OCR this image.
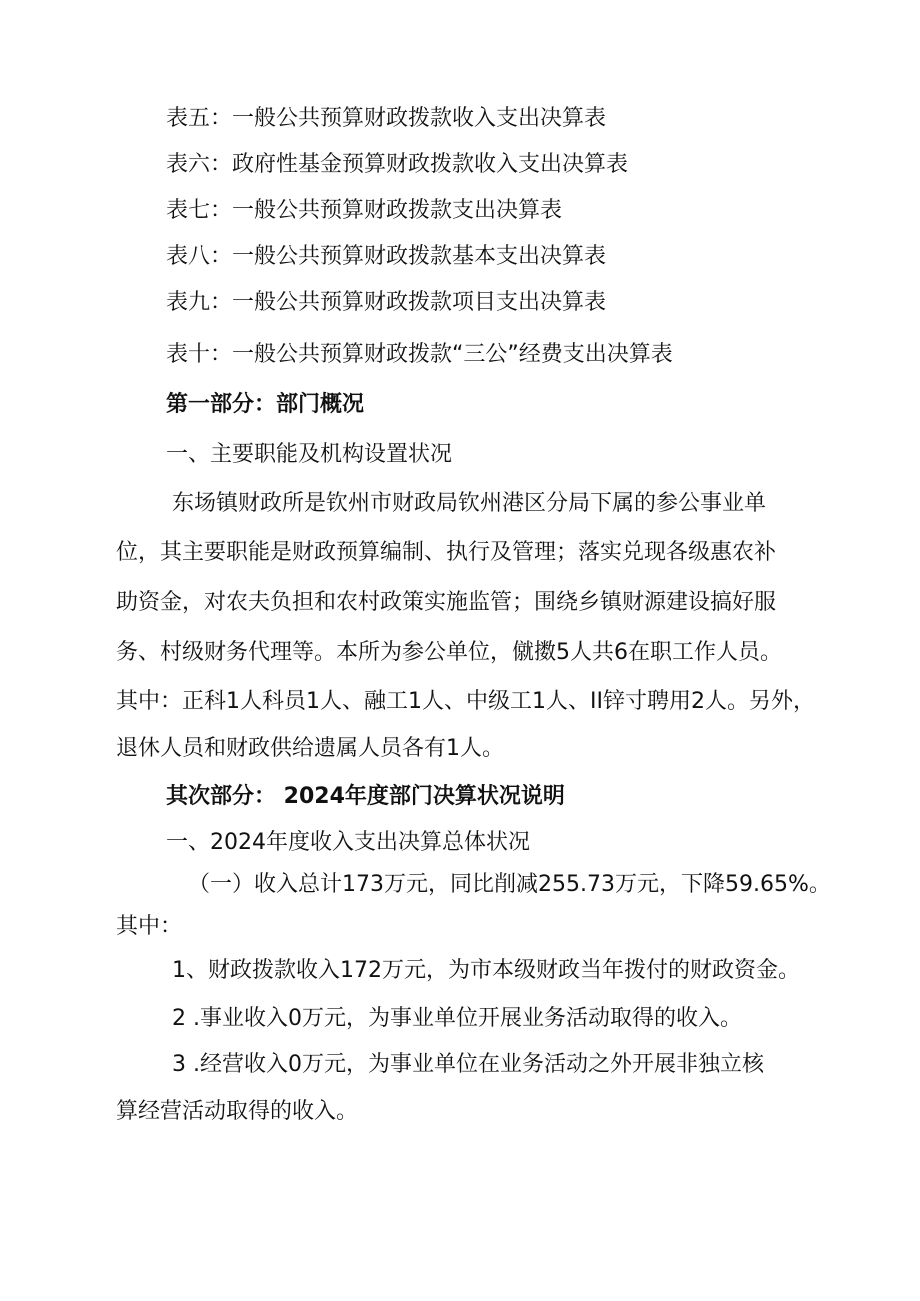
表五：一般公共预算财政拨款收入支出决算表
表六：政府性基金预算财政拨款收入支出决算表
表七：一般公共预算财政拨款支出决算表
表八：一般公共预算财政拨款基本支出决算表
表九：一般公共预算财政拨款项目支出决算表
表十：一般公共预算财政拨款“三公”经费支出决算表
第一部分：部门概况
一、主要职能及机构设置状况
东场镇财政所是钦州市财政局钦州港区分局下属的参公事业单
位，其主要职能是财政预算编制、执行及管理；落实兑现各级惠农补
助资金，对农夫负担和农村政策实施监管；围绕乡镇财源建设搞好服
务、村级财务代理等。本所为参公单位，僦擞5人共6在职工作人员。
其中：正科1人科员1人、融工1人、中级工1人、II锌寸聘用2人。另外，
退休人员和财政供给遗属人员各有1人。
其次部分： 2024年度部门决算状况说明
一、2024年度收入支出决算总体状况
（一）收入总计173万元，同比削减255.73万元，下降59.65%。
其中：
1、财政拨款收入172万元，为市本级财政当年拨付的财政资金。
2 .事业收入0万元，为事业单位开展业务活动取得的收入。
3 .经营收入0万元，为事业单位在业务活动之外开展非独立核
算经营活动取得的收入。
